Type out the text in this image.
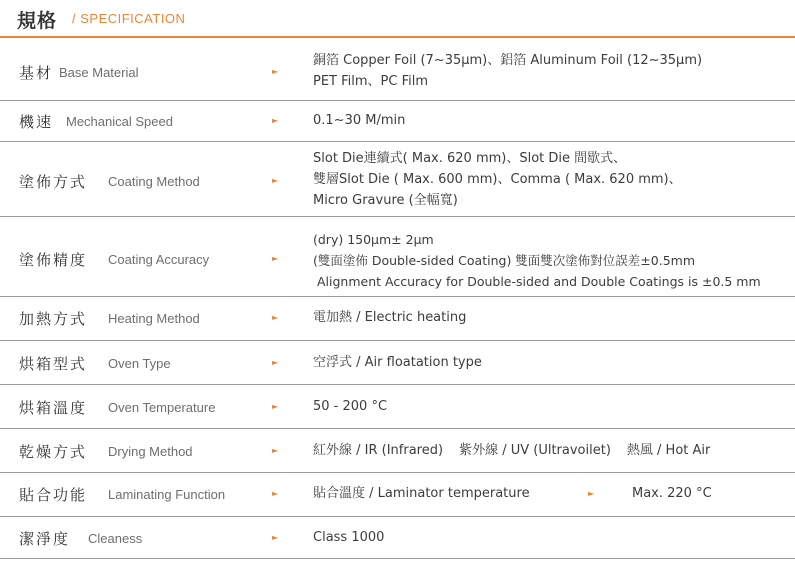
規格 / SPECIFICATION
基材 Base Material	►
銅箔 Copper Foil (7~35μm)、鋁箔 Aluminum Foil (12~35μm)
PET Film、PC Film
機速 Mechanical Speed	►	0.1~30 M/min
塗佈方式 Coating Method	►
Slot Die連續式( Max. 620 mm)、Slot Die 間歇式、
雙層Slot Die ( Max. 600 mm)、Comma ( Max. 620 mm)、
Micro Gravure (全幅寬)
塗佈精度 Coating Accuracy	►
(dry) 150μm± 2μm
(雙面塗佈 Double-sided Coating) 雙面雙次塗佈對位誤差±0.5mm
Alignment Accuracy for Double-sided and Double Coatings is ±0.5 mm
加熱方式 Heating Method	►	電加熱 / Electric heating
烘箱型式 Oven Type	►	空浮式 / Air floatation type
烘箱溫度 Oven Temperature	►	50 - 200 °C
乾燥方式 Drying Method	►	紅外線 / IR (Infrared) 紫外線 / UV (Ultravoilet) 熱風 / Hot Air
貼合功能 Laminating Function	►	貼合溫度 / Laminator temperature	►	Max. 220 °C
潔淨度 Cleaness	►	Class 1000
